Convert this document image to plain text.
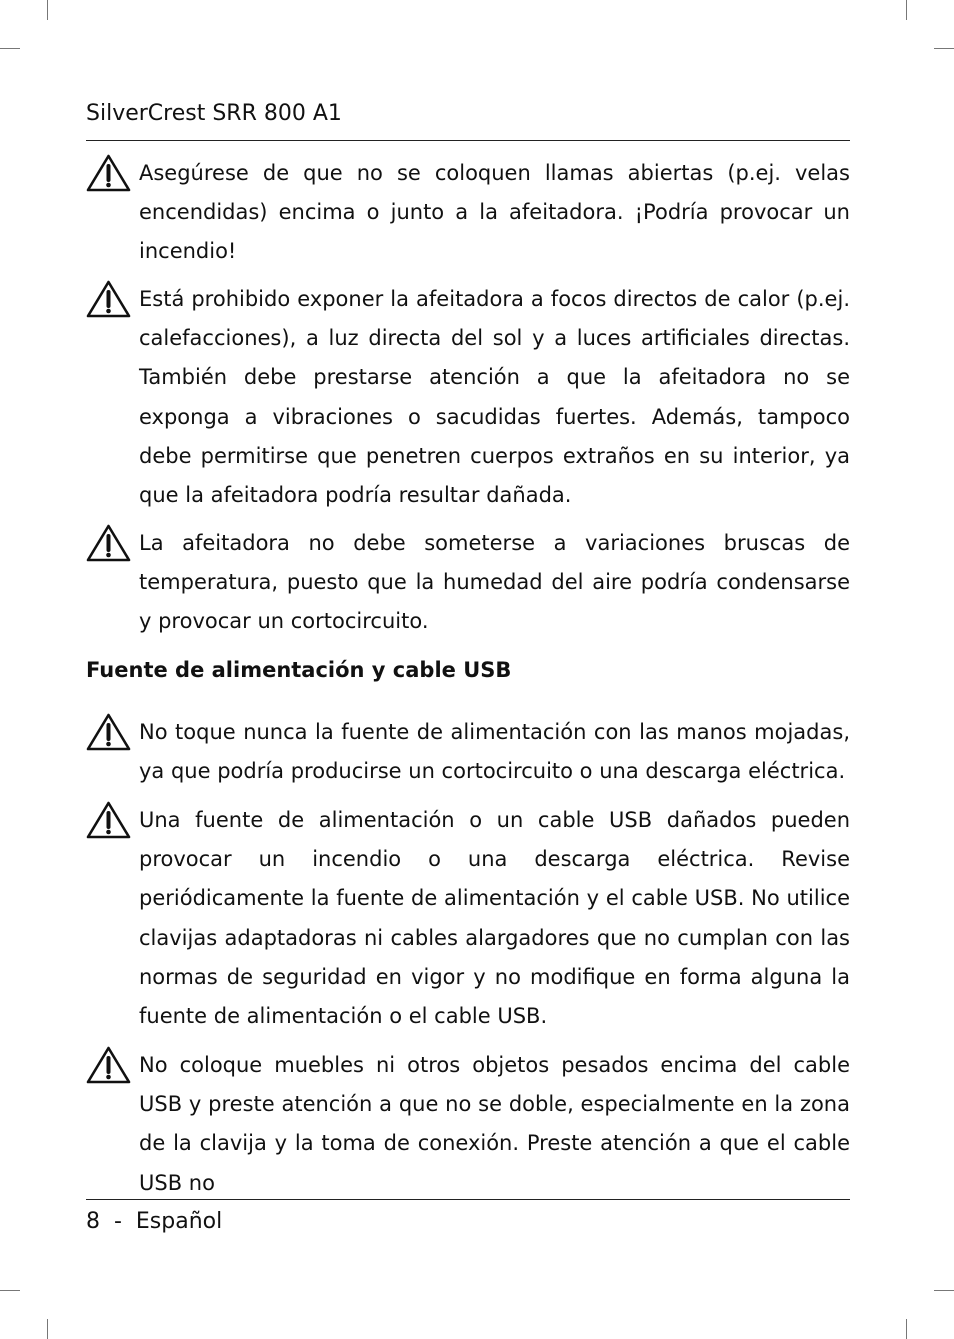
SilverCrest SRR 800 A1

Asegúrese de que no se coloquen llamas abiertas (p.ej. velas encendidas) encima o junto a la afeitadora. ¡Podría provocar un incendio!

Está prohibido exponer la afeitadora a focos directos de calor (p.ej. calefacciones), a luz directa del sol y a luces artificiales directas. También debe prestarse atención a que la afeitadora no se exponga a vibraciones o sacudidas fuertes. Además, tampoco debe permitirse que penetren cuerpos extraños en su interior, ya que la afeitadora podría resultar dañada.

La afeitadora no debe someterse a variaciones bruscas de temperatura, puesto que la humedad del aire podría condensarse y provocar un cortocircuito.

Fuente de alimentación y cable USB

No toque nunca la fuente de alimentación con las manos mojadas, ya que podría producirse un cortocircuito o una descarga eléctrica.

Una fuente de alimentación o un cable USB dañados pueden provocar un incendio o una descarga eléctrica. Revise periódicamente la fuente de alimentación y el cable USB. No utilice clavijas adaptadoras ni cables alargadores que no cumplan con las normas de seguridad en vigor y no modifique en forma alguna la fuente de alimentación o el cable USB.

No coloque muebles ni otros objetos pesados encima del cable USB y preste atención a que no se doble, especialmente en la zona de la clavija y la toma de conexión. Preste atención a que el cable USB no

8  -  Español
